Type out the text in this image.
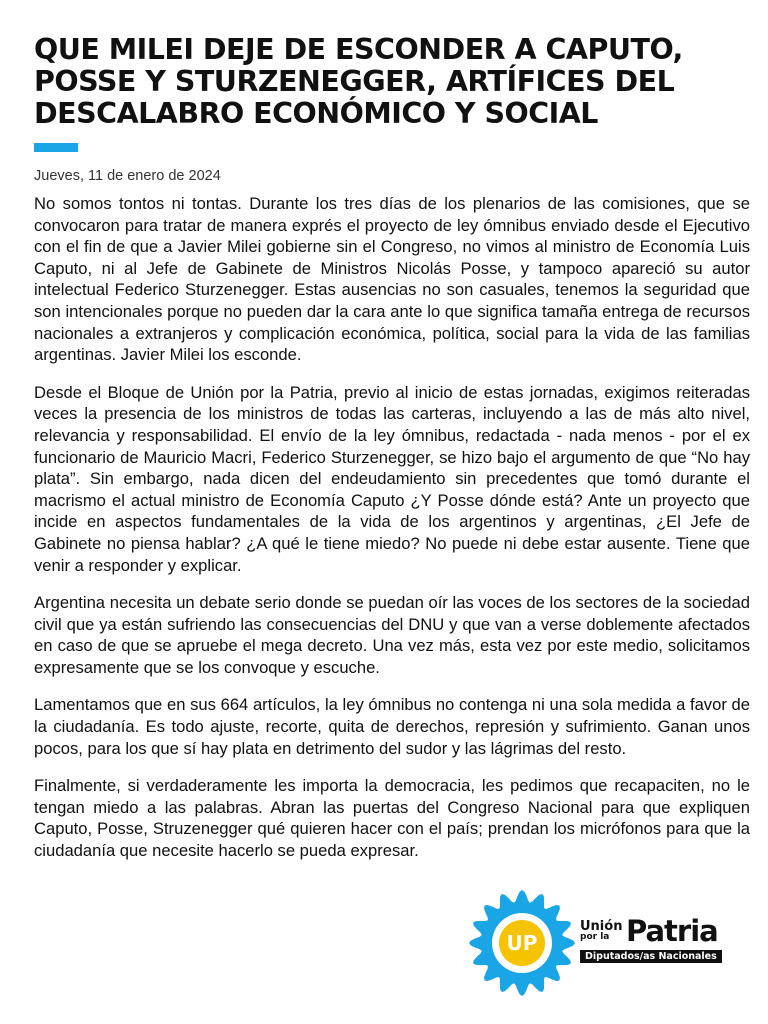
QUE MILEI DEJE DE ESCONDER A CAPUTO, POSSE Y STURZENEGGER, ARTÍFICES DEL DESCALABRO ECONÓMICO Y SOCIAL
Jueves, 11 de enero de 2024

No somos tontos ni tontas. Durante los tres días de los plenarios de las comisiones, que se convocaron para tratar de manera exprés el proyecto de ley ómnibus enviado desde el Ejecutivo con el fin de que a Javier Milei gobierne sin el Congreso, no vimos al ministro de Economía Luis Caputo, ni al Jefe de Gabinete de Ministros Nicolás Posse, y tampoco apareció su autor intelectual Federico Sturzenegger. Estas ausencias no son casuales, tenemos la seguridad que son intencionales porque no pueden dar la cara ante lo que significa tamaña entrega de recursos nacionales a extranjeros y complicación económica, política, social para la vida de las familias argentinas. Javier Milei los esconde.

Desde el Bloque de Unión por la Patria, previo al inicio de estas jornadas, exigimos reiteradas veces la presencia de los ministros de todas las carteras, incluyendo a las de más alto nivel, relevancia y responsabilidad. El envío de la ley ómnibus, redactada - nada menos - por el ex funcionario de Mauricio Macri, Federico Sturzenegger, se hizo bajo el argumento de que “No hay plata”. Sin embargo, nada dicen del endeudamiento sin precedentes que tomó durante el macrismo el actual ministro de Economía Caputo ¿Y Posse dónde está? Ante un proyecto que incide en aspectos fundamentales de la vida de los argentinos y argentinas, ¿El Jefe de Gabinete no piensa hablar? ¿A qué le tiene miedo? No puede ni debe estar ausente. Tiene que venir a responder y explicar.

Argentina necesita un debate serio donde se puedan oír las voces de los sectores de la sociedad civil que ya están sufriendo las consecuencias del DNU y que van a verse doblemente afectados en caso de que se apruebe el mega decreto. Una vez más, esta vez por este medio, solicitamos expresamente que se los convoque y escuche.

Lamentamos que en sus 664 artículos, la ley ómnibus no contenga ni una sola medida a favor de la ciudadanía. Es todo ajuste, recorte, quita de derechos, represión y sufrimiento. Ganan unos pocos, para los que sí hay plata en detrimento del sudor y las lágrimas del resto.

Finalmente, si verdaderamente les importa la democracia, les pedimos que recapaciten, no le tengan miedo a las palabras. Abran las puertas del Congreso Nacional para que expliquen Caputo, Posse, Struzenegger qué quieren hacer con el país; prendan los micrófonos para que la ciudadanía que necesite hacerlo se pueda expresar.

UP
Unión
por la Patria
Diputados/as Nacionales
